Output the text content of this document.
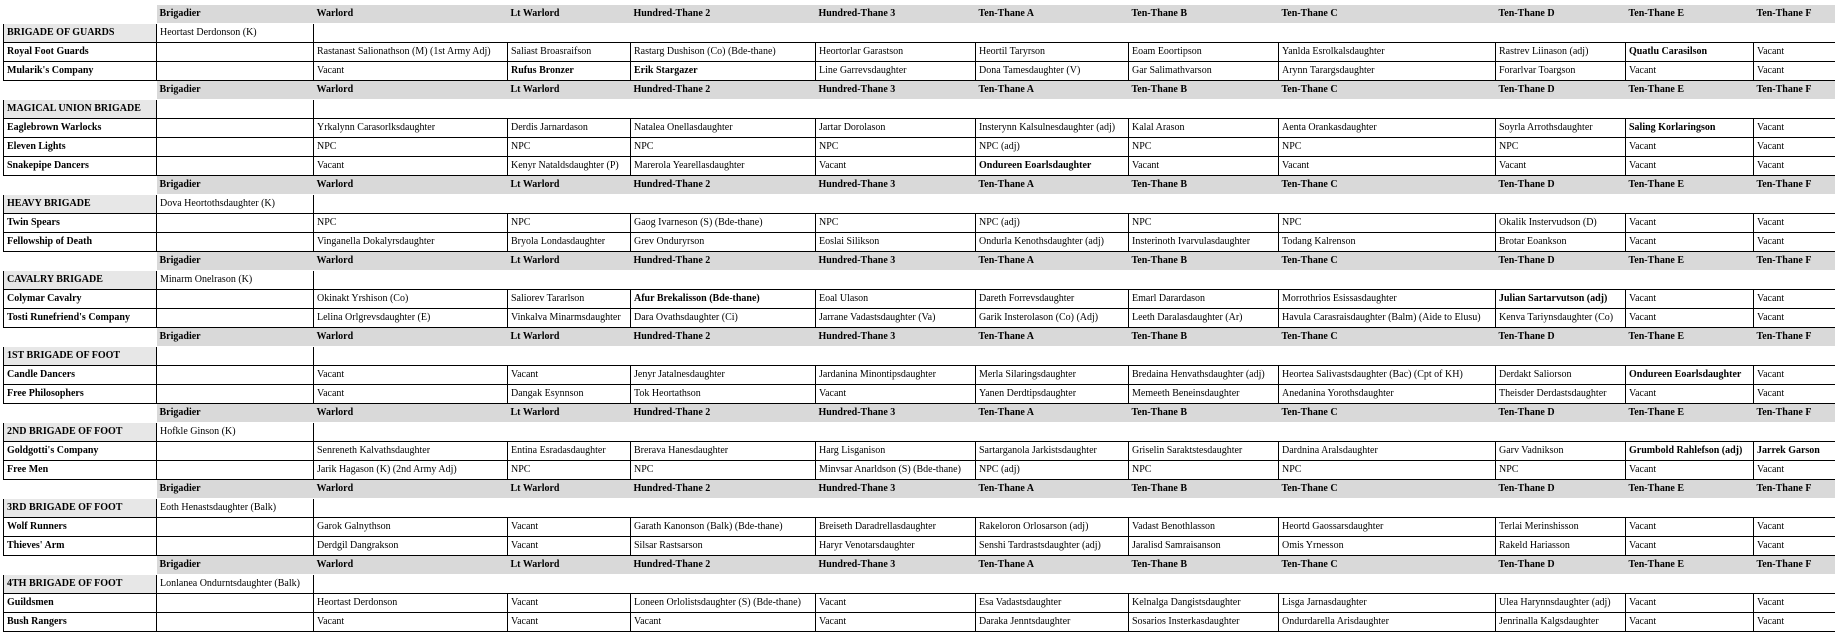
	Brigadier	Warlord	Lt Warlord	Hundred-Thane 2	Hundred-Thane 3	Ten-Thane A	Ten-Thane B	Ten-Thane C	Ten-Thane D	Ten-Thane E	Ten-Thane F
BRIGADE OF GUARDS	Heortast Derdonson (K)										
Royal Foot Guards		Rastanast Salionathson (M) (1st Army Adj)	Saliast Broasraifson	Rastarg Dushison (Co) (Bde-thane)	Heortorlar Garastson	Heortil Taryrson	Eoam Eoortipson	Yanlda Esrolkalsdaughter	Rastrev Liinason (adj)	Quatlu Carasilson	Vacant
Mularik's Company		Vacant	Rufus Bronzer	Erik Stargazer	Line Garrevsdaughter	Dona Tamesdaughter (V)	Gar Salimathvarson	Arynn Tarargsdaughter	Forarlvar Toargson	Vacant	Vacant
	Brigadier	Warlord	Lt Warlord	Hundred-Thane 2	Hundred-Thane 3	Ten-Thane A	Ten-Thane B	Ten-Thane C	Ten-Thane D	Ten-Thane E	Ten-Thane F
MAGICAL UNION BRIGADE											
Eaglebrown Warlocks		Yrkalynn Carasorlksdaughter	Derdis Jarnardason	Natalea Onellasdaughter	Jartar Dorolason	Insterynn Kalsulnesdaughter (adj)	Kalal Arason	Aenta Orankasdaughter	Soyrla Arrothsdaughter	Saling Korlaringson	Vacant
Eleven Lights		NPC	NPC	NPC	NPC	NPC (adj)	NPC	NPC	NPC	Vacant	Vacant
Snakepipe Dancers		Vacant	Kenyr Nataldsdaughter (P)	Marerola Yearellasdaughter	Vacant	Ondureen Eoarlsdaughter	Vacant	Vacant	Vacant	Vacant	Vacant
	Brigadier	Warlord	Lt Warlord	Hundred-Thane 2	Hundred-Thane 3	Ten-Thane A	Ten-Thane B	Ten-Thane C	Ten-Thane D	Ten-Thane E	Ten-Thane F
HEAVY BRIGADE	Dova Heortothsdaughter (K)										
Twin Spears		NPC	NPC	Gaog Ivarneson (S) (Bde-thane)	NPC	NPC (adj)	NPC	NPC	Okalik Instervudson (D)	Vacant	Vacant
Fellowship of Death		Vinganella Dokalyrsdaughter	Bryola Londasdaughter	Grev Onduryrson	Eoslai Silikson	Ondurla Kenothsdaughter (adj)	Insterinoth Ivarvulasdaughter	Todang Kalrenson	Brotar Eoankson	Vacant	Vacant
	Brigadier	Warlord	Lt Warlord	Hundred-Thane 2	Hundred-Thane 3	Ten-Thane A	Ten-Thane B	Ten-Thane C	Ten-Thane D	Ten-Thane E	Ten-Thane F
CAVALRY BRIGADE	Minarm Onelrason (K)										
Colymar Cavalry		Okinakt Yrshison (Co)	Saliorev Tararlson	Afur Brekalisson (Bde-thane)	Eoal Ulason	Dareth Forrevsdaughter	Emarl Darardason	Morrothrios Esissasdaughter	Julian Sartarvutson (adj)	Vacant	Vacant
Tosti Runefriend's Company		Lelina Orlgrevsdaughter (E)	Vinkalva Minarmsdaughter	Dara Ovathsdaughter (Ci)	Jarrane Vadastsdaughter (Va)	Garik Insterolason (Co) (Adj)	Leeth Daralasdaughter (Ar)	Havula Carasraisdaughter (Balm) (Aide to Elusu)	Kenva Tariynsdaughter (Co)	Vacant	Vacant
	Brigadier	Warlord	Lt Warlord	Hundred-Thane 2	Hundred-Thane 3	Ten-Thane A	Ten-Thane B	Ten-Thane C	Ten-Thane D	Ten-Thane E	Ten-Thane F
1ST BRIGADE OF FOOT											
Candle Dancers		Vacant	Vacant	Jenyr Jatalnesdaughter	Jardanina Minontipsdaughter	Merla Silaringsdaughter	Bredaina Henvathsdaughter (adj)	Heortea Salivastsdaughter (Bac) (Cpt of KH)	Derdakt Saliorson	Ondureen Eoarlsdaughter	Vacant
Free Philosophers		Vacant	Dangak Esynnson	Tok Heortathson	Vacant	Yanen Derdtipsdaughter	Memeeth Beneinsdaughter	Anedanina Yorothsdaughter	Theisder Derdastsdaughter	Vacant	Vacant
	Brigadier	Warlord	Lt Warlord	Hundred-Thane 2	Hundred-Thane 3	Ten-Thane A	Ten-Thane B	Ten-Thane C	Ten-Thane D	Ten-Thane E	Ten-Thane F
2ND BRIGADE OF FOOT	Hofkle Ginson (K)										
Goldgotti's Company		Senreneth Kalvathsdaughter	Entina Esradasdaughter	Brerava Hanesdaughter	Harg Lisganison	Sartarganola Jarkistsdaughter	Griselin Saraktstesdaughter	Dardnina Aralsdaughter	Garv Vadnikson	Grumbold Rahlefson (adj)	Jarrek Garson
Free Men		Jarik Hagason (K) (2nd Army Adj)	NPC	NPC	Minvsar Anarldson (S) (Bde-thane)	NPC (adj)	NPC	NPC	NPC	Vacant	Vacant
	Brigadier	Warlord	Lt Warlord	Hundred-Thane 2	Hundred-Thane 3	Ten-Thane A	Ten-Thane B	Ten-Thane C	Ten-Thane D	Ten-Thane E	Ten-Thane F
3RD BRIGADE OF FOOT	Eoth Henastsdaughter (Balk)										
Wolf Runners		Garok Galnythson	Vacant	Garath Kanonson (Balk) (Bde-thane)	Breiseth Daradrellasdaughter	Rakeloron Orlosarson (adj)	Vadast Benothlasson	Heortd Gaossarsdaughter	Terlai Merinshisson	Vacant	Vacant
Thieves' Arm		Derdgil Dangrakson	Vacant	Silsar Rastsarson	Haryr Venotarsdaughter	Senshi Tardrastsdaughter (adj)	Jaralisd Samraisanson	Omis Yrnesson	Rakeld Hariasson	Vacant	Vacant
	Brigadier	Warlord	Lt Warlord	Hundred-Thane 2	Hundred-Thane 3	Ten-Thane A	Ten-Thane B	Ten-Thane C	Ten-Thane D	Ten-Thane E	Ten-Thane F
4TH BRIGADE OF FOOT	Lonlanea Ondurntsdaughter (Balk)										
Guildsmen		Heortast Derdonson	Vacant	Loneen Orlolistsdaughter (S) (Bde-thane)	Vacant	Esa Vadastsdaughter	Kelnalga Dangistsdaughter	Lisga Jarnasdaughter	Ulea Harynnsdaughter (adj)	Vacant	Vacant
Bush Rangers		Vacant	Vacant	Vacant	Vacant	Daraka Jenntsdaughter	Sosarios Insterkasdaughter	Ondurdarella Arisdaughter	Jenrinalla Kalgsdaughter	Vacant	Vacant
